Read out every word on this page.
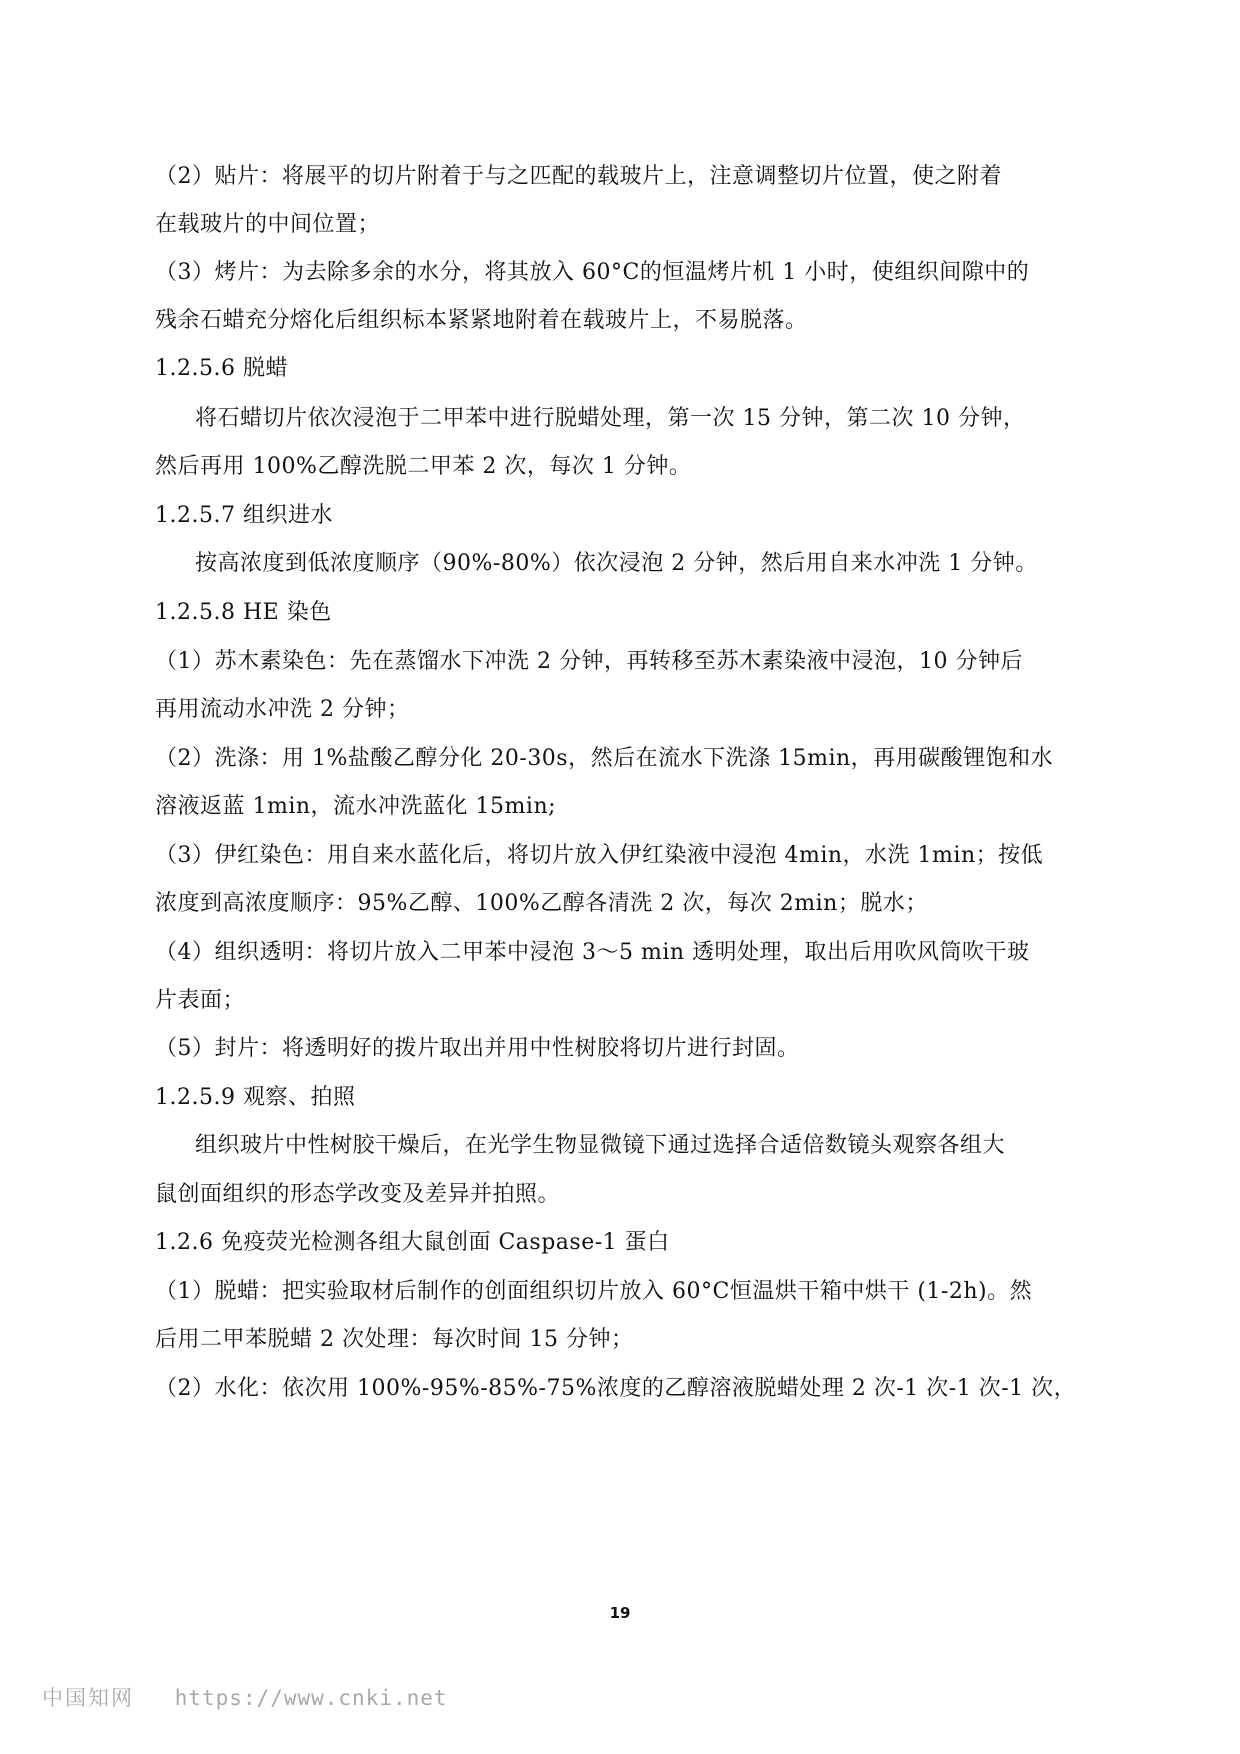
（2）贴片：将展平的切片附着于与之匹配的载玻片上，注意调整切片位置，使之附着
在载玻片的中间位置；
（3）烤片：为去除多余的水分，将其放入 60°C的恒温烤片机 1 小时，使组织间隙中的
残余石蜡充分熔化后组织标本紧紧地附着在载玻片上，不易脱落。
1.2.5.6 脱蜡
将石蜡切片依次浸泡于二甲苯中进行脱蜡处理，第一次 15 分钟，第二次 10 分钟，
然后再用 100%乙醇洗脱二甲苯 2 次，每次 1 分钟。
1.2.5.7 组织进水
按高浓度到低浓度顺序（90%-80%）依次浸泡 2 分钟，然后用自来水冲洗 1 分钟。
1.2.5.8 HE 染色
（1）苏木素染色：先在蒸馏水下冲洗 2 分钟，再转移至苏木素染液中浸泡，10 分钟后
再用流动水冲洗 2 分钟；
（2）洗涤：用 1%盐酸乙醇分化 20-30s，然后在流水下洗涤 15min，再用碳酸锂饱和水
溶液返蓝 1min，流水冲洗蓝化 15min;
（3）伊红染色：用自来水蓝化后，将切片放入伊红染液中浸泡 4min，水洗 1min；按低
浓度到高浓度顺序：95%乙醇、100%乙醇各清洗 2 次，每次 2min；脱水；
（4）组织透明：将切片放入二甲苯中浸泡 3～5 min 透明处理，取出后用吹风筒吹干玻
片表面；
（5）封片：将透明好的拨片取出并用中性树胶将切片进行封固。
1.2.5.9 观察、拍照
组织玻片中性树胶干燥后，在光学生物显微镜下通过选择合适倍数镜头观察各组大
鼠创面组织的形态学改变及差异并拍照。
1.2.6 免疫荧光检测各组大鼠创面 Caspase-1 蛋白
（1）脱蜡：把实验取材后制作的创面组织切片放入 60°C恒温烘干箱中烘干 (1-2h)。然
后用二甲苯脱蜡 2 次处理：每次时间 15 分钟；
（2）水化：依次用 100%-95%-85%-75%浓度的乙醇溶液脱蜡处理 2 次-1 次-1 次-1 次，
19
中国知网 https://www.cnki.net
